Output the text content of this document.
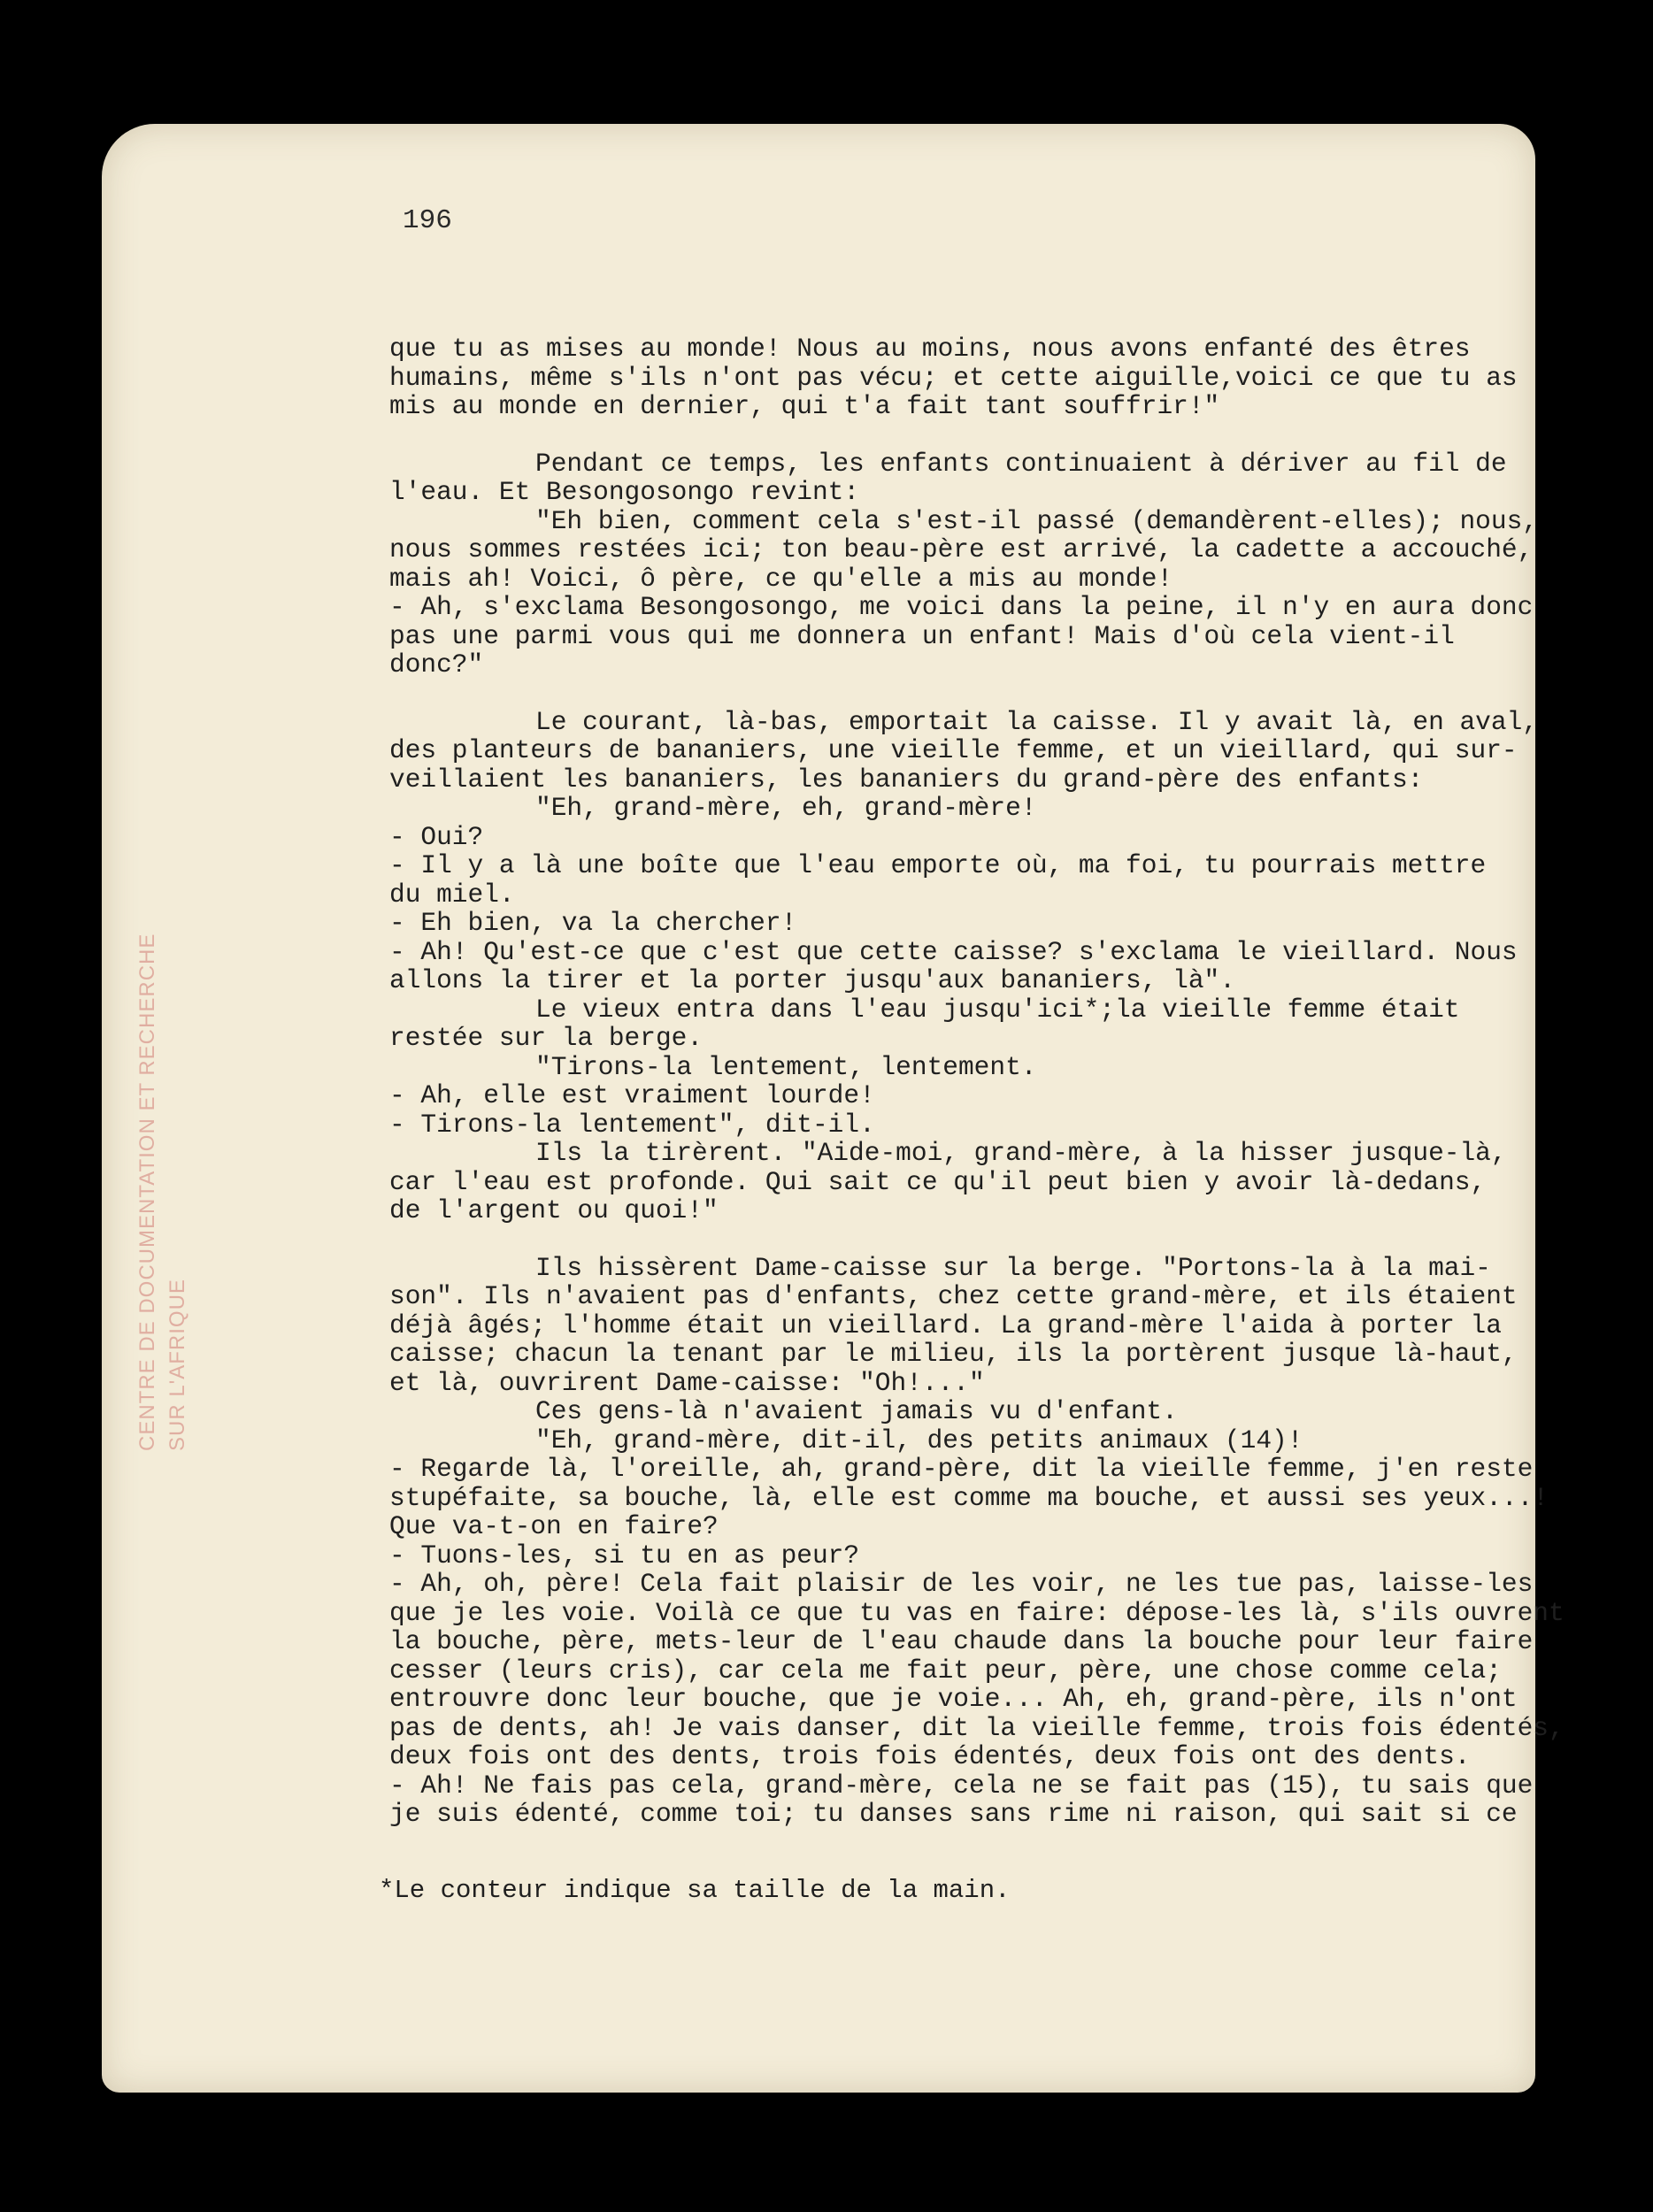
CENTRE DE DOCUMENTATION ET RECHERCHE SUR L'AFRIQUE
196
que tu as mises au monde! Nous au moins, nous avons enfanté des êtres
humains, même s'ils n'ont pas vécu; et cette aiguille,voici ce que tu as
mis au monde en dernier, qui t'a fait tant souffrir!"
Pendant ce temps, les enfants continuaient à dériver au fil de
l'eau. Et Besongosongo revint:
"Eh bien, comment cela s'est-il passé (demandèrent-elles); nous,
nous sommes restées ici; ton beau-père est arrivé, la cadette a accouché,
mais ah! Voici, ô père, ce qu'elle a mis au monde!
- Ah, s'exclama Besongosongo, me voici dans la peine, il n'y en aura donc
pas une parmi vous qui me donnera un enfant! Mais d'où cela vient-il
donc?"
Le courant, là-bas, emportait la caisse. Il y avait là, en aval,
des planteurs de bananiers, une vieille femme, et un vieillard, qui sur-
veillaient les bananiers, les bananiers du grand-père des enfants:
"Eh, grand-mère, eh, grand-mère!
- Oui?
- Il y a là une boîte que l'eau emporte où, ma foi, tu pourrais mettre
du miel.
- Eh bien, va la chercher!
- Ah! Qu'est-ce que c'est que cette caisse? s'exclama le vieillard. Nous
allons la tirer et la porter jusqu'aux bananiers, là".
Le vieux entra dans l'eau jusqu'ici*;la vieille femme était
restée sur la berge.
"Tirons-la lentement, lentement.
- Ah, elle est vraiment lourde!
- Tirons-la lentement", dit-il.
Ils la tirèrent. "Aide-moi, grand-mère, à la hisser jusque-là,
car l'eau est profonde. Qui sait ce qu'il peut bien y avoir là-dedans,
de l'argent ou quoi!"
Ils hissèrent Dame-caisse sur la berge. "Portons-la à la mai-
son". Ils n'avaient pas d'enfants, chez cette grand-mère, et ils étaient
déjà âgés; l'homme était un vieillard. La grand-mère l'aida à porter la
caisse; chacun la tenant par le milieu, ils la portèrent jusque là-haut,
et là, ouvrirent Dame-caisse: "Oh!..."
Ces gens-là n'avaient jamais vu d'enfant.
"Eh, grand-mère, dit-il, des petits animaux (14)!
- Regarde là, l'oreille, ah, grand-père, dit la vieille femme, j'en reste
stupéfaite, sa bouche, là, elle est comme ma bouche, et aussi ses yeux...!
Que va-t-on en faire?
- Tuons-les, si tu en as peur?
- Ah, oh, père! Cela fait plaisir de les voir, ne les tue pas, laisse-les
que je les voie. Voilà ce que tu vas en faire: dépose-les là, s'ils ouvrent
la bouche, père, mets-leur de l'eau chaude dans la bouche pour leur faire
cesser (leurs cris), car cela me fait peur, père, une chose comme cela;
entrouvre donc leur bouche, que je voie... Ah, eh, grand-père, ils n'ont
pas de dents, ah! Je vais danser, dit la vieille femme, trois fois édentés,
deux fois ont des dents, trois fois édentés, deux fois ont des dents.
- Ah! Ne fais pas cela, grand-mère, cela ne se fait pas (15), tu sais que
je suis édenté, comme toi; tu danses sans rime ni raison, qui sait si ce
*Le conteur indique sa taille de la main.
